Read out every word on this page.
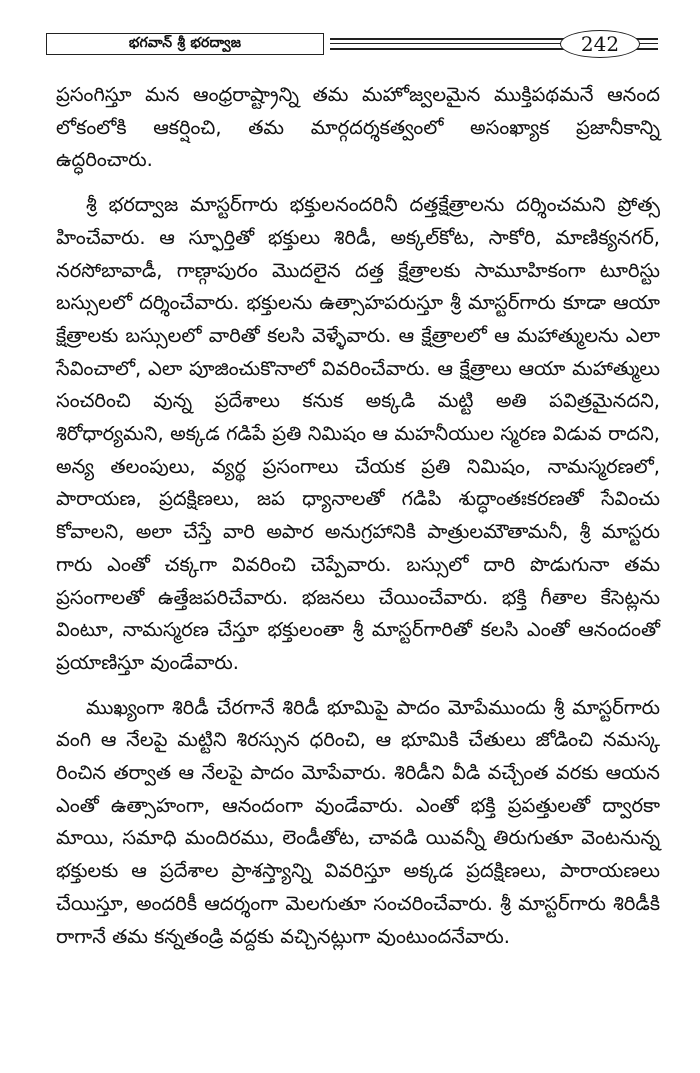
భగవాన్ శ్రీ భరద్వాజ	242

ప్రసంగిస్తూ మన ఆంధ్రరాష్ట్రాన్ని తమ మహోజ్వలమైన ముక్తిపథమనే ఆనంద లోకంలోకి ఆకర్షించి, తమ మార్గదర్శకత్వంలో అసంఖ్యాక ప్రజానీకాన్ని ఉద్ధరించారు.

శ్రీ భరద్వాజ మాస్టర్‌గారు భక్తులనందరినీ దత్తక్షేత్రాలను దర్శించమని ప్రోత్స హించేవారు. ఆ స్ఫూర్తితో భక్తులు శిరిడీ, అక్కల్‌కోట, సాకోరి, మాణిక్యనగర్, నరసోబావాడీ, గాణ్గాపురం మొదలైన దత్త క్షేత్రాలకు సామూహికంగా టూరిస్టు బస్సులలో దర్శించేవారు. భక్తులను ఉత్సాహపరుస్తూ శ్రీ మాస్టర్‌గారు కూడా ఆయా క్షేత్రాలకు బస్సులలో వారితో కలసి వెళ్ళేవారు. ఆ క్షేత్రాలలో ఆ మహాత్ములను ఎలా సేవించాలో, ఎలా పూజించుకొనాలో వివరించేవారు. ఆ క్షేత్రాలు ఆయా మహాత్ములు సంచరించి వున్న ప్రదేశాలు కనుక అక్కడి మట్టి అతి పవిత్రమైనదని, శిరోధార్యమని, అక్కడ గడిపే ప్రతి నిమిషం ఆ మహనీయుల స్మరణ విడువ రాదని, అన్య తలంపులు, వ్యర్థ ప్రసంగాలు చేయక ప్రతి నిమిషం, నామస్మరణలో, పారాయణ, ప్రదక్షిణలు, జప ధ్యానాలతో గడిపి శుద్ధాంతఃకరణతో సేవించు కోవాలని, అలా చేస్తే వారి అపార అనుగ్రహానికి పాత్రులమౌతామనీ, శ్రీ మాస్టరు గారు ఎంతో చక్కగా వివరించి చెప్పేవారు. బస్సులో దారి పొడుగునా తమ ప్రసంగాలతో ఉత్తేజపరిచేవారు. భజనలు చేయించేవారు. భక్తి గీతాల కేసెట్లను వింటూ, నామస్మరణ చేస్తూ భక్తులంతా శ్రీ మాస్టర్‌గారితో కలసి ఎంతో ఆనందంతో ప్రయాణిస్తూ వుండేవారు.

ముఖ్యంగా శిరిడీ చేరగానే శిరిడీ భూమిపై పాదం మోపేముందు శ్రీ మాస్టర్‌గారు వంగి ఆ నేలపై మట్టిని శిరస్సున ధరించి, ఆ భూమికి చేతులు జోడించి నమస్క రించిన తర్వాత ఆ నేలపై పాదం మోపేవారు. శిరిడీని వీడి వచ్చేంత వరకు ఆయన ఎంతో ఉత్సాహంగా, ఆనందంగా వుండేవారు. ఎంతో భక్తి ప్రపత్తులతో ద్వారకా మాయి, సమాధి మందిరము, లెండీతోట, చావడి యివన్నీ తిరుగుతూ వెంటనున్న భక్తులకు ఆ ప్రదేశాల ప్రాశస్త్యాన్ని వివరిస్తూ అక్కడ ప్రదక్షిణలు, పారాయణలు చేయిస్తూ, అందరికీ ఆదర్శంగా మెలగుతూ సంచరించేవారు. శ్రీ మాస్టర్‌గారు శిరిడీకి రాగానే తమ కన్నతండ్రి వద్దకు వచ్చినట్లుగా వుంటుందనేవారు.
